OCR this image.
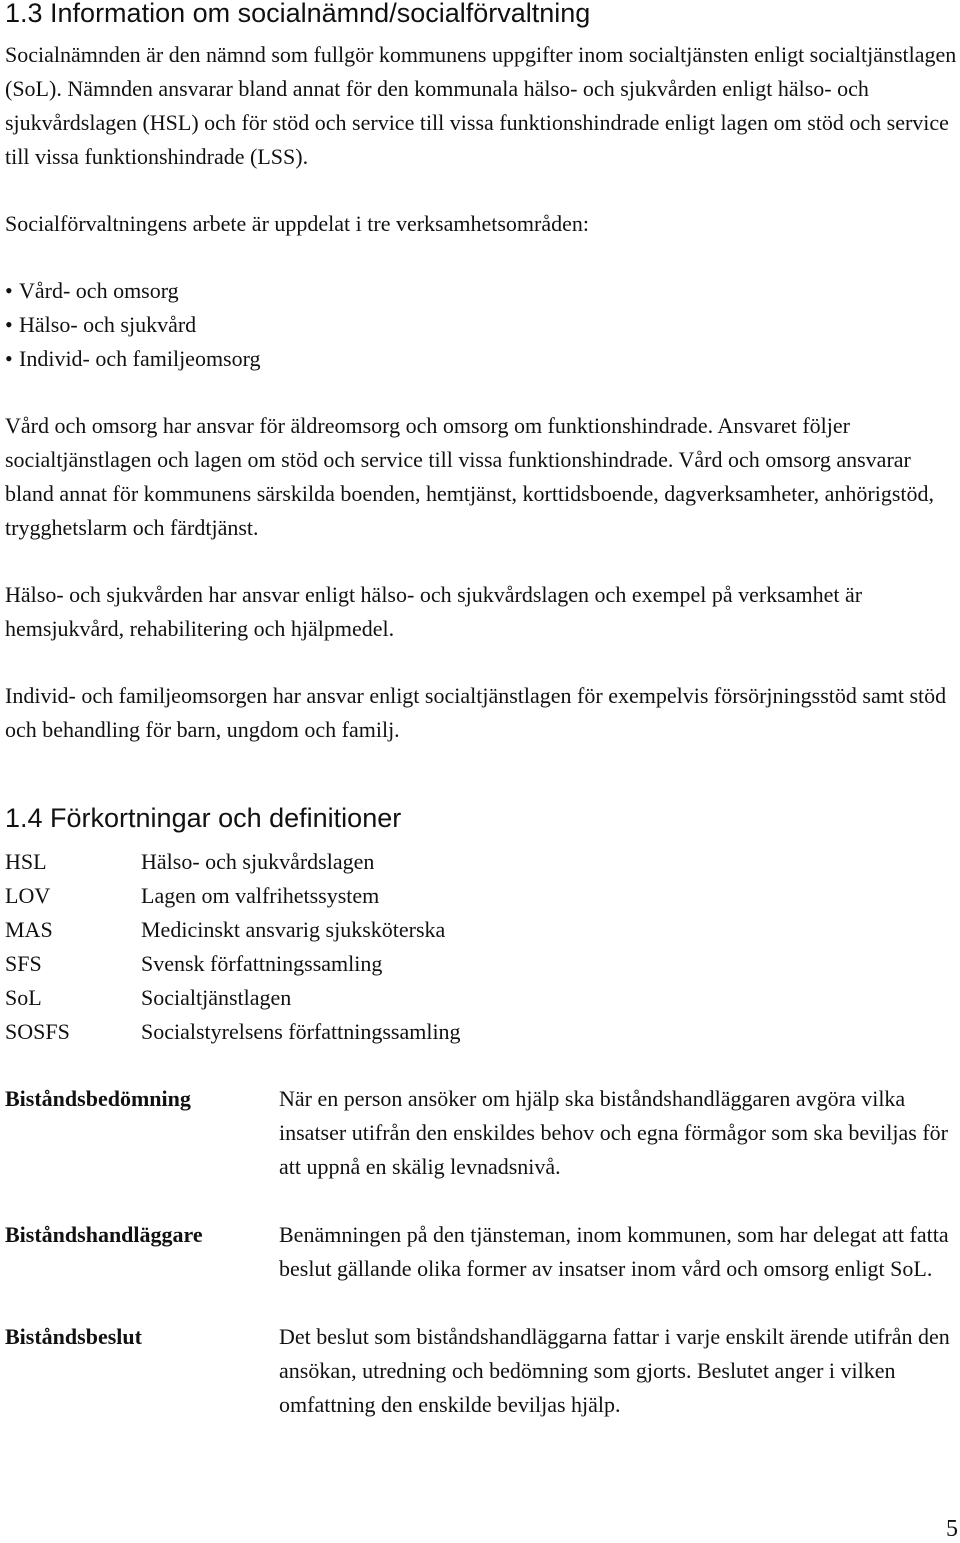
1.3 Information om socialnämnd/socialförvaltning

Socialnämnden är den nämnd som fullgör kommunens uppgifter inom socialtjänsten enligt socialtjänstlagen (SoL). Nämnden ansvarar bland annat för den kommunala hälso- och sjukvården enligt hälso- och sjukvårdslagen (HSL) och för stöd och service till vissa funktionshindrade enligt lagen om stöd och service till vissa funktionshindrade (LSS).

Socialförvaltningens arbete är uppdelat i tre verksamhetsområden:

• Vård- och omsorg
• Hälso- och sjukvård
• Individ- och familjeomsorg

Vård och omsorg har ansvar för äldreomsorg och omsorg om funktionshindrade. Ansvaret följer socialtjänstlagen och lagen om stöd och service till vissa funktionshindrade. Vård och omsorg ansvarar bland annat för kommunens särskilda boenden, hemtjänst, korttidsboende, dagverksamheter, anhörigstöd, trygghetslarm och färdtjänst.

Hälso- och sjukvården har ansvar enligt hälso- och sjukvårdslagen och exempel på verksamhet är hemsjukvård, rehabilitering och hjälpmedel.

Individ- och familjeomsorgen har ansvar enligt socialtjänstlagen för exempelvis försörjningsstöd samt stöd och behandling för barn, ungdom och familj.

1.4 Förkortningar och definitioner
HSL	Hälso- och sjukvårdslagen
LOV	Lagen om valfrihetssystem
MAS	Medicinskt ansvarig sjuksköterska
SFS	Svensk författningssamling
SoL	Socialtjänstlagen
SOSFS	Socialstyrelsens författningssamling
Biståndsbedömning	När en person ansöker om hjälp ska biståndshandläggaren avgöra vilka insatser utifrån den enskildes behov och egna förmågor som ska beviljas för att uppnå en skälig levnadsnivå.
Biståndshandläggare	Benämningen på den tjänsteman, inom kommunen, som har delegat att fatta beslut gällande olika former av insatser inom vård och omsorg enligt SoL.
Biståndsbeslut	Det beslut som biståndshandläggarna fattar i varje enskilt ärende utifrån den ansökan, utredning och bedömning som gjorts. Beslutet anger i vilken omfattning den enskilde beviljas hjälp.
5
